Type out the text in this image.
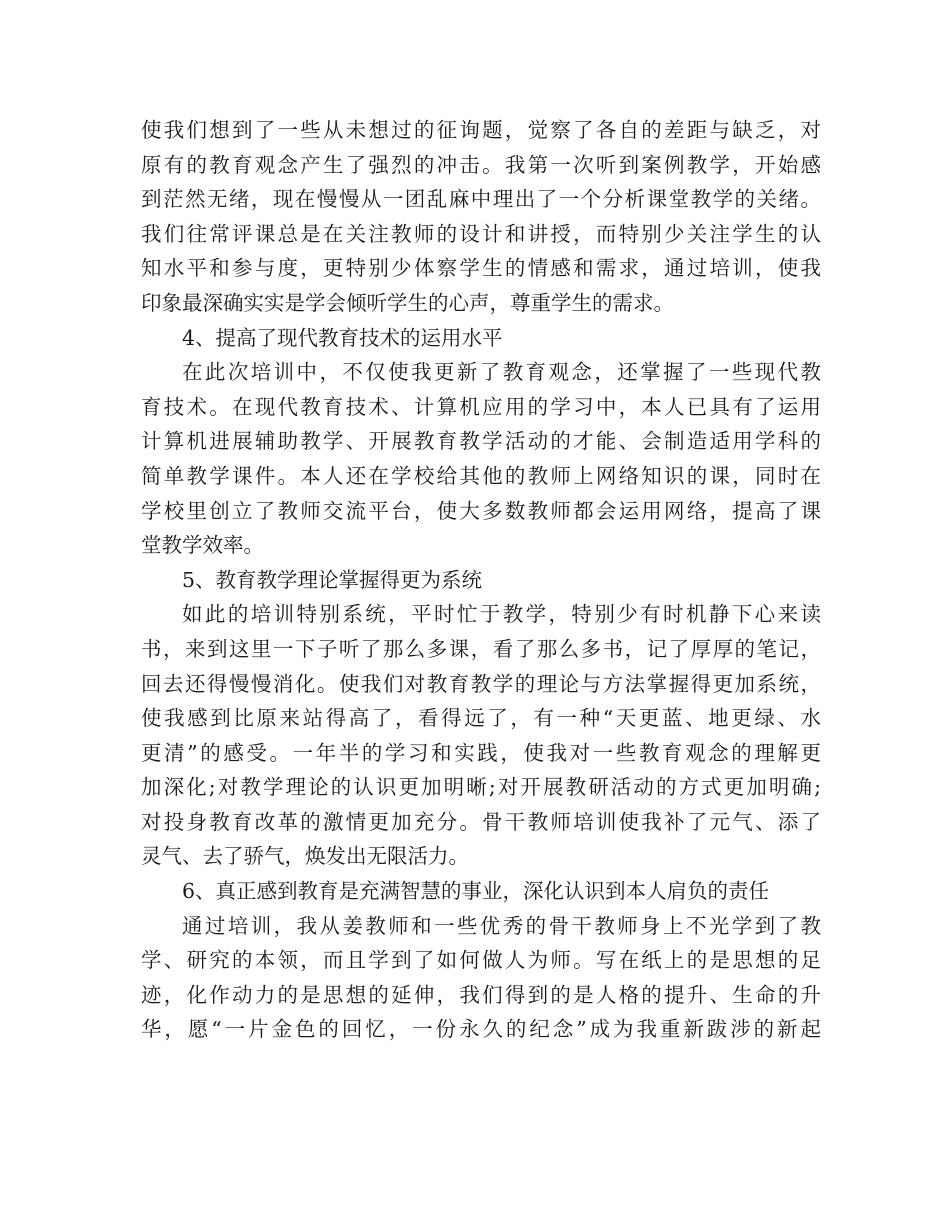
使我们想到了一些从未想过的征询题，觉察了各自的差距与缺乏，对
原有的教育观念产生了强烈的冲击。我第一次听到案例教学，开始感
到茫然无绪，现在慢慢从一团乱麻中理出了一个分析课堂教学的关绪。
我们往常评课总是在关注教师的设计和讲授，而特别少关注学生的认
知水平和参与度，更特别少体察学生的情感和需求，通过培训，使我
印象最深确实实是学会倾听学生的心声，尊重学生的需求。
4、提高了现代教育技术的运用水平
在此次培训中，不仅使我更新了教育观念，还掌握了一些现代教
育技术。在现代教育技术、计算机应用的学习中，本人已具有了运用
计算机进展辅助教学、开展教育教学活动的才能、会制造适用学科的
简单教学课件。本人还在学校给其他的教师上网络知识的课，同时在
学校里创立了教师交流平台，使大多数教师都会运用网络，提高了课
堂教学效率。
5、教育教学理论掌握得更为系统
如此的培训特别系统，平时忙于教学，特别少有时机静下心来读
书，来到这里一下子听了那么多课，看了那么多书，记了厚厚的笔记，
回去还得慢慢消化。使我们对教育教学的理论与方法掌握得更加系统，
使我感到比原来站得高了，看得远了，有一种“天更蓝、地更绿、水
更清”的感受。一年半的学习和实践，使我对一些教育观念的理解更
加深化;对教学理论的认识更加明晰;对开展教研活动的方式更加明确;
对投身教育改革的激情更加充分。骨干教师培训使我补了元气、添了
灵气、去了骄气，焕发出无限活力。
6、真正感到教育是充满智慧的事业，深化认识到本人肩负的责任
通过培训，我从姜教师和一些优秀的骨干教师身上不光学到了教
学、研究的本领，而且学到了如何做人为师。写在纸上的是思想的足
迹，化作动力的是思想的延伸，我们得到的是人格的提升、生命的升
华，愿“一片金色的回忆，一份永久的纪念”成为我重新跋涉的新起
